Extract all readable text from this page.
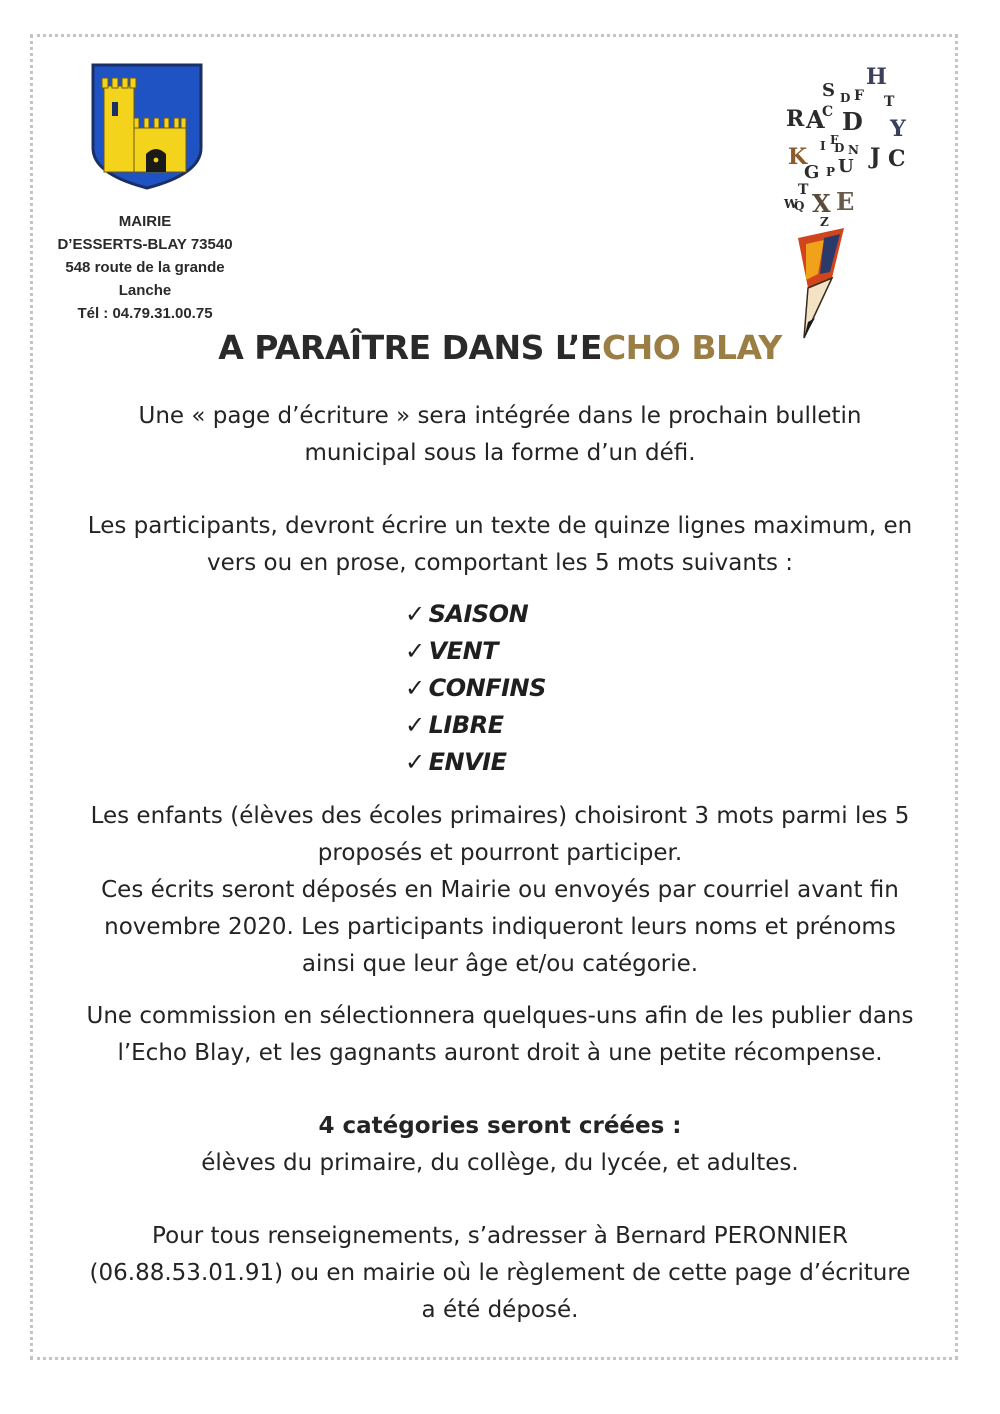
MAIRIE
D’ESSERTS-BLAY 73540
548 route de la grande Lanche
Tél : 04.79.31.00.75
H
S D F T
R A
C D Y
F
I D N J C
K
G P U
T X E
Z
W
Q
A PARAÎTRE DANS L’ECHO BLAY

Une « page d’écriture » sera intégrée dans le prochain bulletin

municipal sous la forme d’un défi.

Les participants, devront écrire un texte de quinze lignes maximum, en

vers ou en prose, comportant les 5 mots suivants :

✓ SAISON
✓ VENT
✓ CONFINS
✓ LIBRE
✓ ENVIE

Les enfants (élèves des écoles primaires) choisiront 3 mots parmi les 5

proposés et pourront participer.

Ces écrits seront déposés en Mairie ou envoyés par courriel avant fin

novembre 2020. Les participants indiqueront leurs noms et prénoms

ainsi que leur âge et/ou catégorie.

Une commission en sélectionnera quelques-uns afin de les publier dans

l’Echo Blay, et les gagnants auront droit à une petite récompense.

4 catégories seront créées :

élèves du primaire, du collège, du lycée, et adultes.

Pour tous renseignements, s’adresser à Bernard PERONNIER

(06.88.53.01.91) ou en mairie où le règlement de cette page d’écriture

a été déposé.
